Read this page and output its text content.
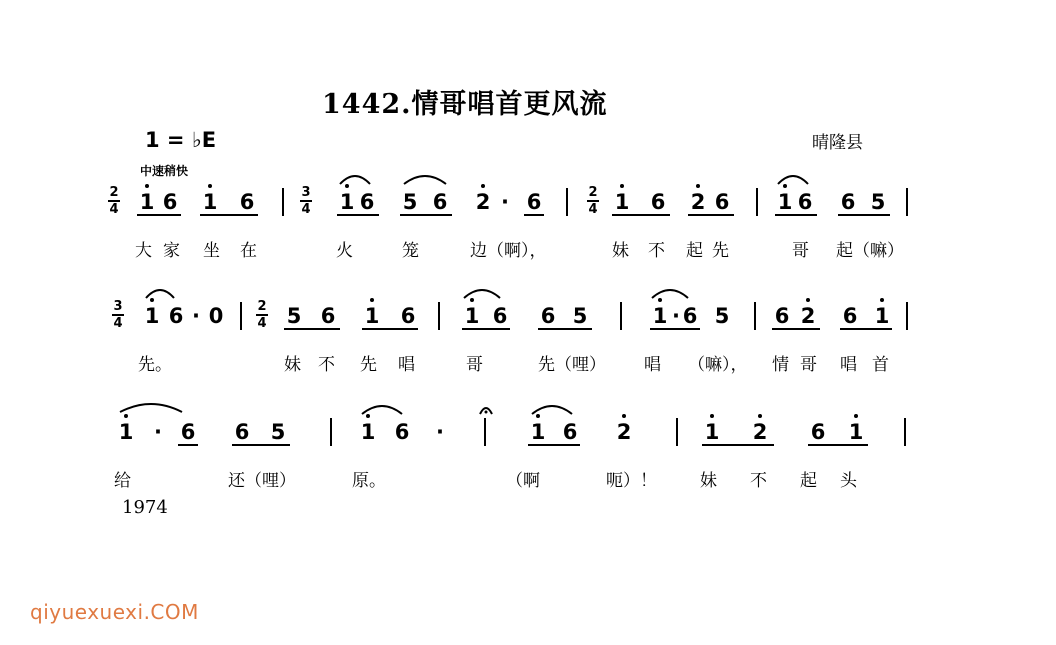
1442.情哥唱首更风流
1 = ♭E	晴隆县
中速稍快
2
4 1 6 1 6	3
4 1 6 5 6 2 · 6	2
4 1 6 2 6 1 6 6 5
大 家 坐 在	火	笼	边（啊），	妹 不 起 先	哥 起（嘛）
3
4 1 6 · 0	2
4 5 6 1 6 1 6 6 5	1 · 6 5 6 2 6 1
先。	妹 不 先 唱	哥	先（哩） 唱 （嘛）， 情 哥 唱 首
1 · 6 6 5	1 6 ·	1 6 2	1 2 6 1
给	还（哩）	原。	（啊	呃）！	妹 不 起 头
1974
qiyuexuexi.COM
